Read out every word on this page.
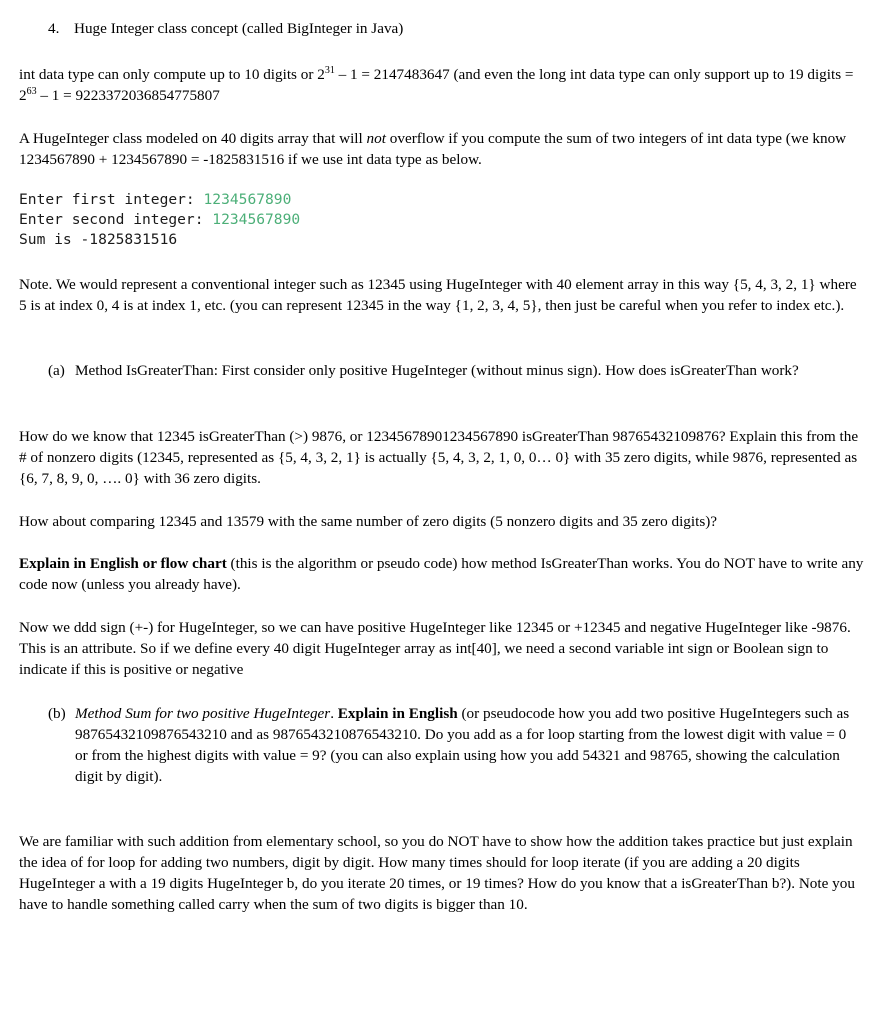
4. Huge Integer class concept (called BigInteger in Java)

int data type can only compute up to 10 digits or $2^{31} - 1 = 2147483647$ (and even the long int data type can only support up to 19 digits = $2^{63} - 1 = 9223372036854775807$

A HugeInteger class modeled on 40 digits array that will not overflow if you compute the sum of two integers of int data type (we know 1234567890 + 1234567890 = -1825831516 if we use int data type as below.

Enter first integer: 1234567890
Enter second integer: 1234567890
Sum is -1825831516

Note. We would represent a conventional integer such as 12345 using HugeInteger with 40 element array in this way {5, 4, 3, 2, 1} where 5 is at index 0, 4 is at index 1, etc. (you can represent 12345 in the way {1, 2, 3, 4, 5}, then just be careful when you refer to index etc.).

(a) Method IsGreaterThan: First consider only positive HugeInteger (without minus sign). How does isGreaterThan work?

How do we know that 12345 isGreaterThan (>) 9876, or 12345678901234567890 isGreaterThan 98765432109876? Explain this from the # of nonzero digits (12345, represented as {5, 4, 3, 2, 1} is actually {5, 4, 3, 2, 1, 0, 0… 0} with 35 zero digits, while 9876, represented as {6, 7, 8, 9, 0, …. 0} with 36 zero digits.

How about comparing 12345 and 13579 with the same number of zero digits (5 nonzero digits and 35 zero digits)?

Explain in English or flow chart (this is the algorithm or pseudo code) how method IsGreaterThan works. You do NOT have to write any code now (unless you already have).

Now we ddd sign (+-) for HugeInteger, so we can have positive HugeInteger like 12345 or +12345 and negative HugeInteger like -9876. This is an attribute. So if we define every 40 digit HugeInteger array as int[40], we need a second variable int sign or Boolean sign to indicate if this is positive or negative

(b) Method Sum for two positive HugeInteger. Explain in English (or pseudocode how you add two positive HugeIntegers such as 98765432109876543210 and as 9876543210876543210. Do you add as a for loop starting from the lowest digit with value = 0 or from the highest digits with value = 9? (you can also explain using how you add 54321 and 98765, showing the calculation digit by digit).

We are familiar with such addition from elementary school, so you do NOT have to show how the addition takes practice but just explain the idea of for loop for adding two numbers, digit by digit. How many times should for loop iterate (if you are adding a 20 digits HugeInteger a with a 19 digits HugeInteger b, do you iterate 20 times, or 19 times? How do you know that a isGreaterThan b?). Note you have to handle something called carry when the sum of two digits is bigger than 10.
